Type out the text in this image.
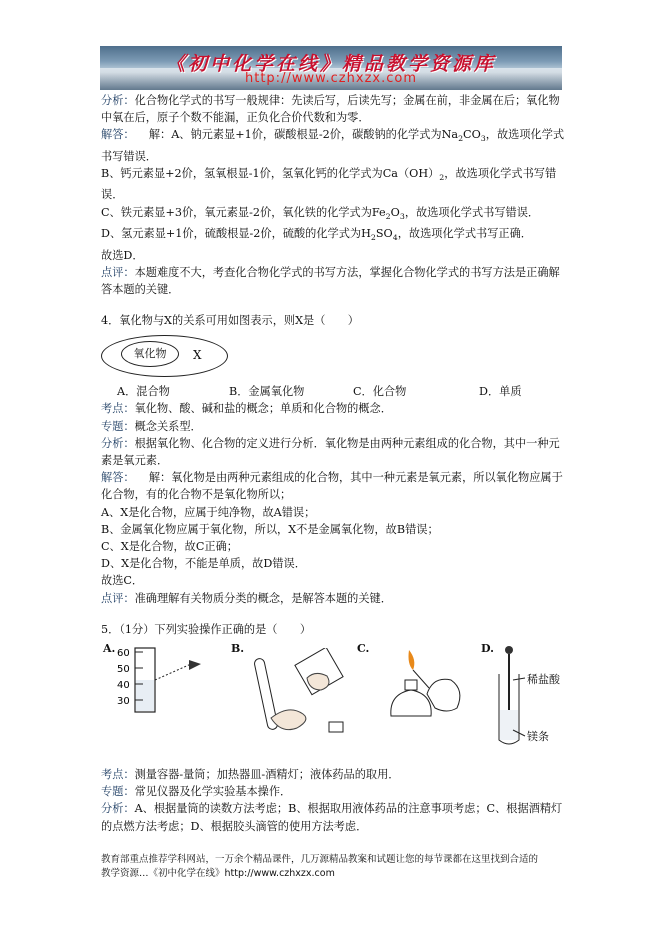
《初中化学在线》精品教学资源库
http://www.czhxzx.com

分析：化合物化学式的书写一般规律：先读后写，后读先写；金属在前，非金属在后；氧化物中氧在后，原子个数不能漏，正负化合价代数和为零．

解答： 解：A、钠元素显+1价，碳酸根显-2价，碳酸钠的化学式为$Na_2CO_3$，故选项化学式书写错误．

B、钙元素显+2价，氢氧根显-1价，氢氧化钙的化学式为$Ca(OH)_2$，故选项化学式书写错误．

C、铁元素显+3价，氧元素显-2价，氧化铁的化学式为$Fe_2O_3$，故选项化学式书写错误．

D、氢元素显+1价，硫酸根显-2价，硫酸的化学式为$H_2SO_4$，故选项化学式书写正确．

故选D．

点评：本题难度不大，考查化合物化学式的书写方法，掌握化合物化学式的书写方法是正确解答本题的关键．

4．氧化物与X的关系可用如图表示，则X是（　　）

氧化物	X
A．混合物	B．金属氧化物	C．化合物	D．单质

考点：氧化物、酸、碱和盐的概念；单质和化合物的概念．

专题：概念关系型．

分析：根据氧化物、化合物的定义进行分析．氧化物是由两种元素组成的化合物，其中一种元素是氧元素．

解答： 解：氧化物是由两种元素组成的化合物，其中一种元素是氧元素，所以氧化物应属于化合物，有的化合物不是氧化物所以；

A、X是化合物，应属于纯净物，故A错误；

B、金属氧化物应属于氧化物，所以，X不是金属氧化物，故B错误；

C、X是化合物，故C正确；

D、X是化合物，不能是单质，故D错误．

故选C．

点评：准确理解有关物质分类的概念，是解答本题的关键．

5．（1分）下列实验操作正确的是（　　）

A.	B.	C.	D.
60
50
40
30
稀盐酸
镁条

考点：测量容器-量筒；加热器皿-酒精灯；液体药品的取用．

专题：常见仪器及化学实验基本操作．

分析：A、根据量筒的读数方法考虑；B、根据取用液体药品的注意事项考虑；C、根据酒精灯的点燃方法考虑；D、根据胶头滴管的使用方法考虑．

教育部重点推荐学科网站，一万余个精品课件，几万源精品教案和试题让您的每节课都在这里找到合适的
教学资源…《初中化学在线》http://www.czhxzx.com
